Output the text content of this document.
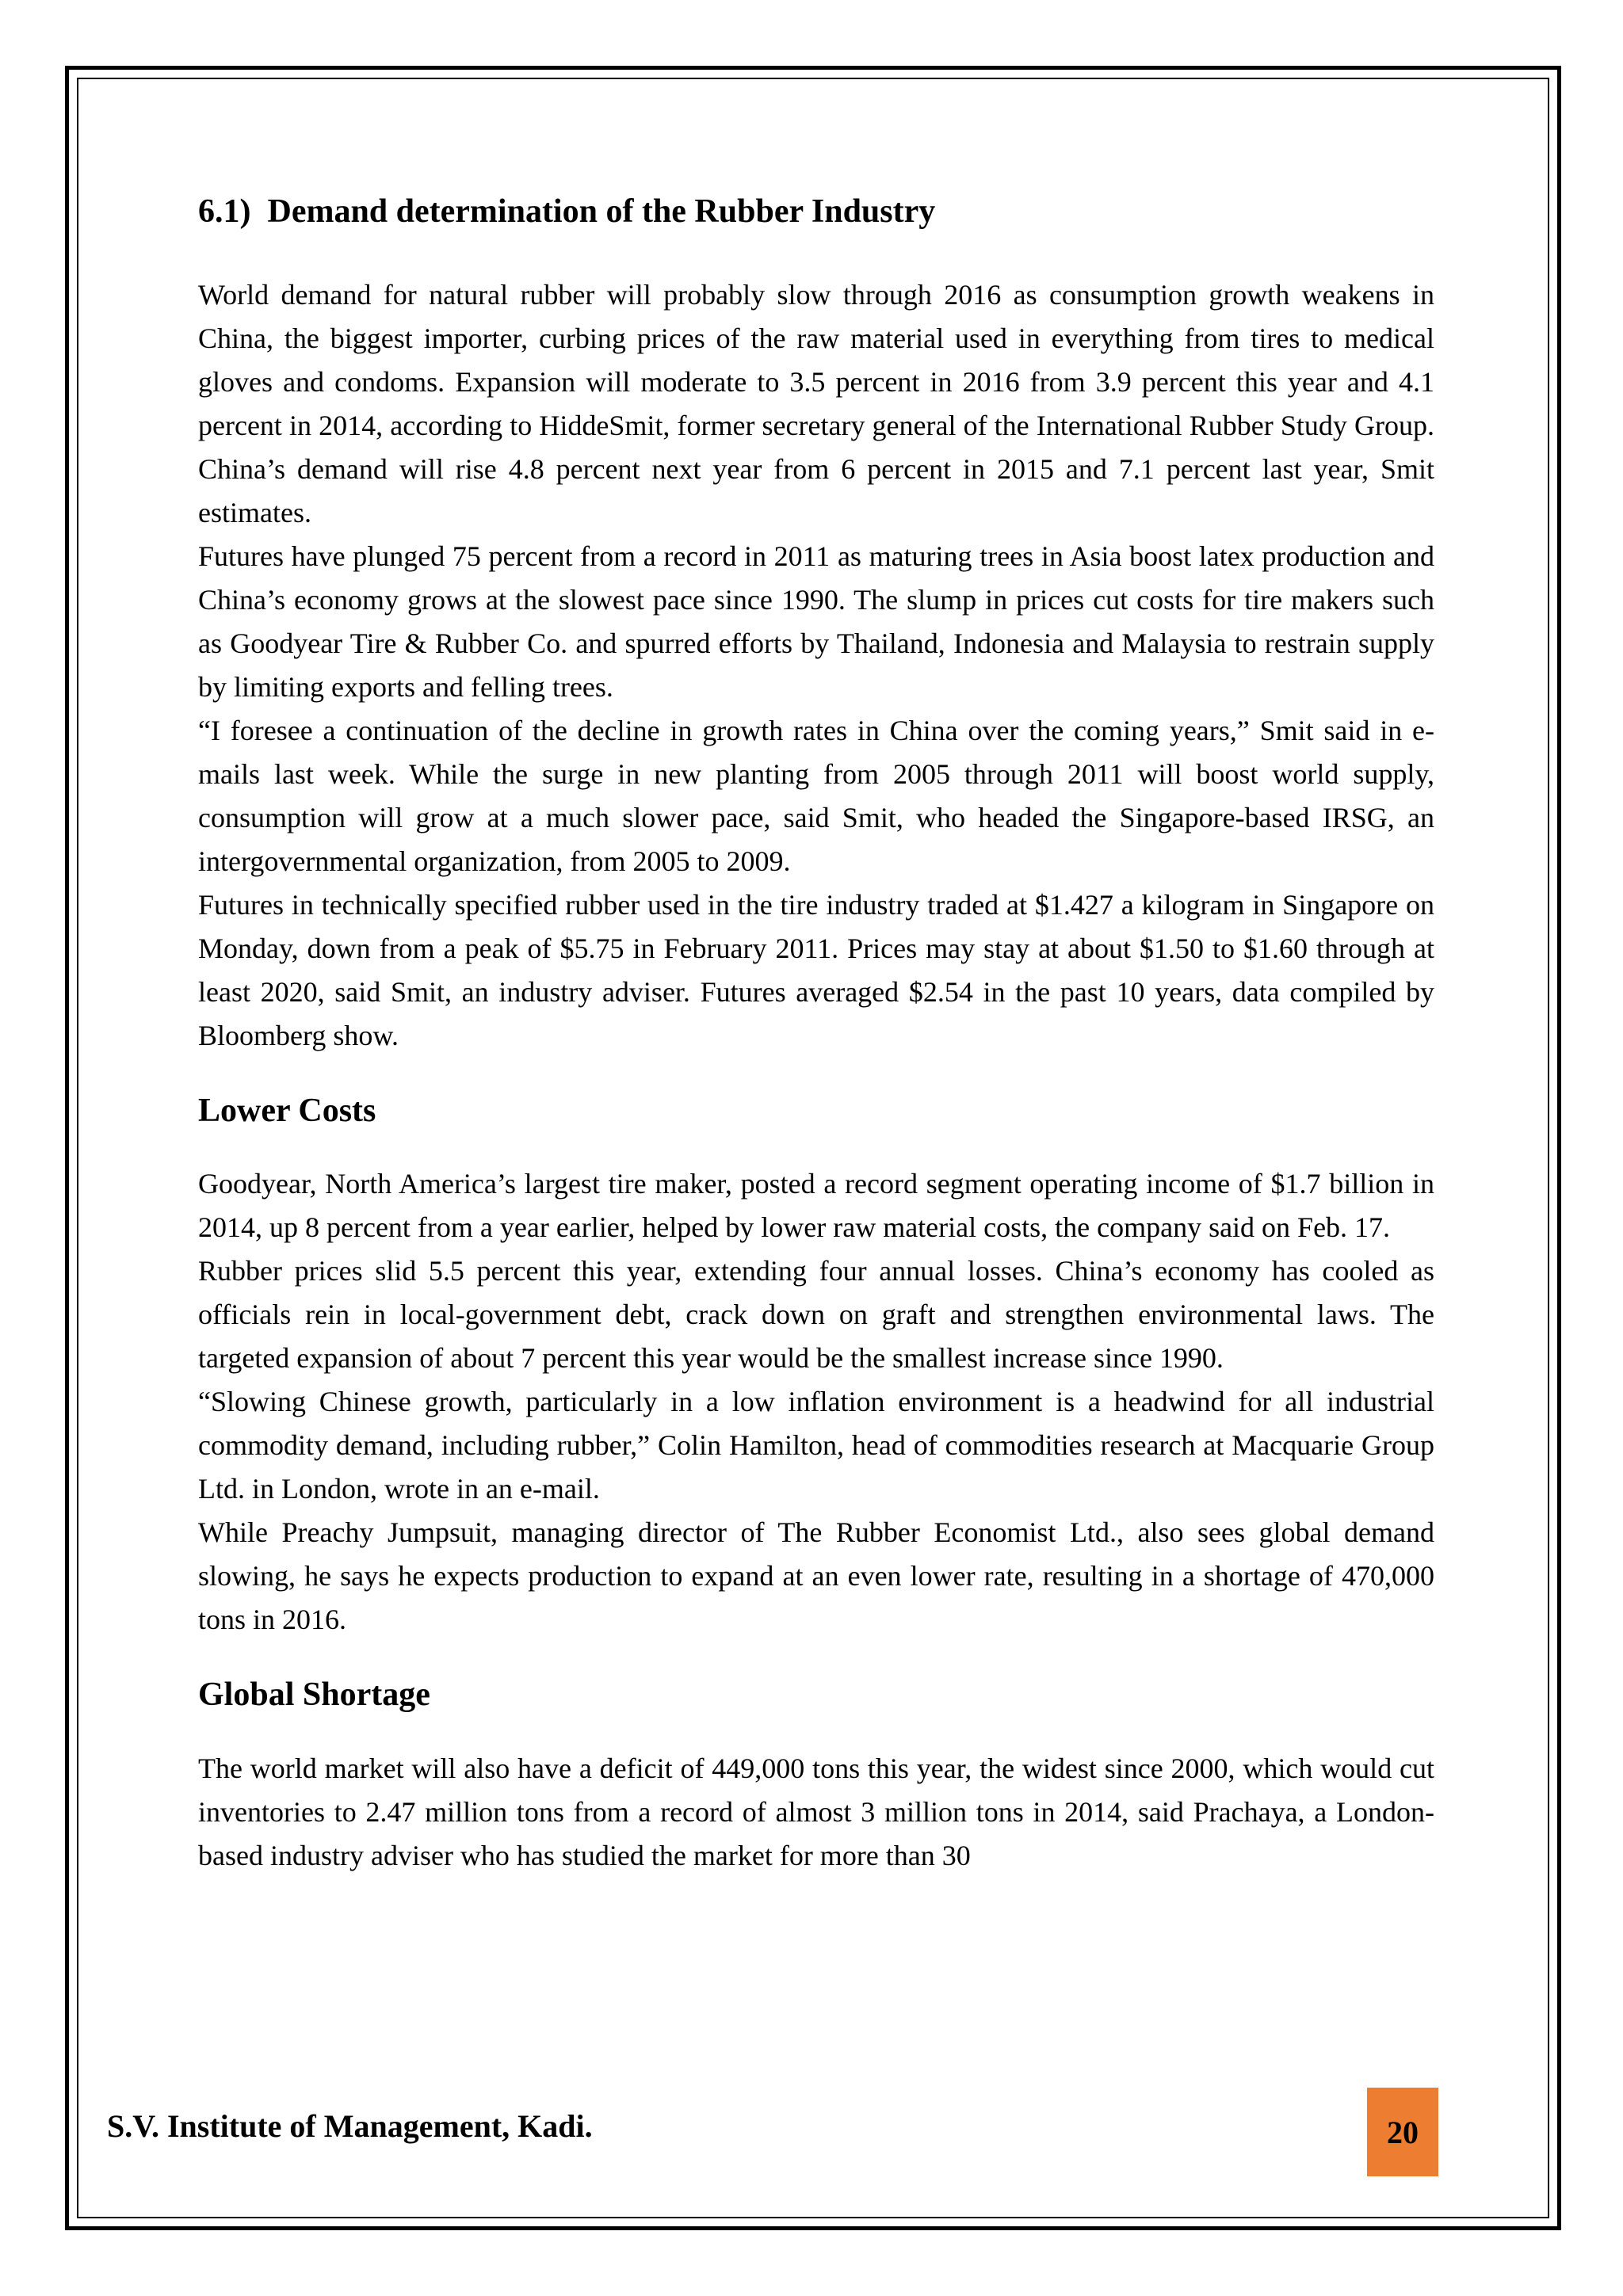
6.1)  Demand determination of the Rubber Industry

World demand for natural rubber will probably slow through 2016 as consumption growth weakens in China, the biggest importer, curbing prices of the raw material used in everything from tires to medical gloves and condoms. Expansion will moderate to 3.5 percent in 2016 from 3.9 percent this year and 4.1 percent in 2014, according to HiddeSmit, former secretary general of the International Rubber Study Group. China’s demand will rise 4.8 percent next year from 6 percent in 2015 and 7.1 percent last year, Smit estimates.

Futures have plunged 75 percent from a record in 2011 as maturing trees in Asia boost latex production and China’s economy grows at the slowest pace since 1990. The slump in prices cut costs for tire makers such as Goodyear Tire & Rubber Co. and spurred efforts by Thailand, Indonesia and Malaysia to restrain supply by limiting exports and felling trees.

“I foresee a continuation of the decline in growth rates in China over the coming years,” Smit said in e-mails last week. While the surge in new planting from 2005 through 2011 will boost world supply, consumption will grow at a much slower pace, said Smit, who headed the Singapore-based IRSG, an intergovernmental organization, from 2005 to 2009.

Futures in technically specified rubber used in the tire industry traded at $1.427 a kilogram in Singapore on Monday, down from a peak of $5.75 in February 2011. Prices may stay at about $1.50 to $1.60 through at least 2020, said Smit, an industry adviser. Futures averaged $2.54 in the past 10 years, data compiled by Bloomberg show.

Lower Costs

Goodyear, North America’s largest tire maker, posted a record segment operating income of $1.7 billion in 2014, up 8 percent from a year earlier, helped by lower raw material costs, the company said on Feb. 17.

Rubber prices slid 5.5 percent this year, extending four annual losses. China’s economy has cooled as officials rein in local-government debt, crack down on graft and strengthen environmental laws. The targeted expansion of about 7 percent this year would be the smallest increase since 1990.

“Slowing Chinese growth, particularly in a low inflation environment is a headwind for all industrial commodity demand, including rubber,” Colin Hamilton, head of commodities research at Macquarie Group Ltd. in London, wrote in an e-mail.

While Preachy Jumpsuit, managing director of The Rubber Economist Ltd., also sees global demand slowing, he says he expects production to expand at an even lower rate, resulting in a shortage of 470,000 tons in 2016.

Global Shortage

The world market will also have a deficit of 449,000 tons this year, the widest since 2000, which would cut inventories to 2.47 million tons from a record of almost 3 million tons in 2014, said Prachaya, a London-based industry adviser who has studied the market for more than 30

S.V. Institute of Management, Kadi.	20
